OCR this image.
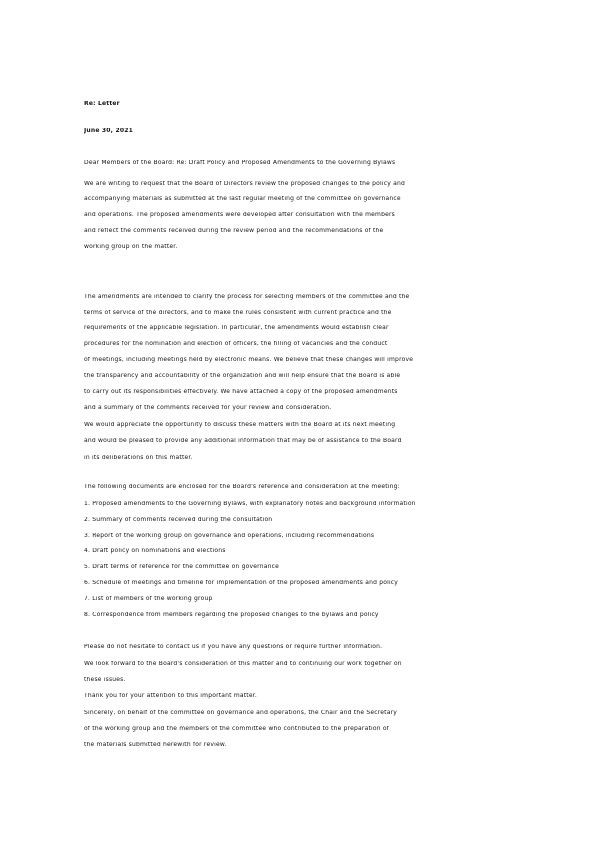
Re: Letter
June 30, 2021
Dear Members of the Board: Re: Draft Policy and Proposed Amendments to the Governing Bylaws
We are writing to request that the Board of Directors review the proposed changes to the policy and
accompanying materials as submitted at the last regular meeting of the committee on governance
and operations. The proposed amendments were developed after consultation with the members
and reflect the comments received during the review period and the recommendations of the
working group on the matter.
The amendments are intended to clarify the process for selecting members of the committee and the
terms of service of the directors, and to make the rules consistent with current practice and the
requirements of the applicable legislation. In particular, the amendments would establish clear
procedures for the nomination and election of officers, the filling of vacancies and the conduct
of meetings, including meetings held by electronic means. We believe that these changes will improve
the transparency and accountability of the organization and will help ensure that the Board is able
to carry out its responsibilities effectively. We have attached a copy of the proposed amendments
and a summary of the comments received for your review and consideration.
We would appreciate the opportunity to discuss these matters with the Board at its next meeting
and would be pleased to provide any additional information that may be of assistance to the Board
in its deliberations on this matter.
The following documents are enclosed for the Board's reference and consideration at the meeting:
1. Proposed amendments to the Governing Bylaws, with explanatory notes and background information
2. Summary of comments received during the consultation
3. Report of the working group on governance and operations, including recommendations
4. Draft policy on nominations and elections
5. Draft terms of reference for the committee on governance
6. Schedule of meetings and timeline for implementation of the proposed amendments and policy
7. List of members of the working group
8. Correspondence from members regarding the proposed changes to the bylaws and policy
Please do not hesitate to contact us if you have any questions or require further information.
We look forward to the Board's consideration of this matter and to continuing our work together on
these issues.
Thank you for your attention to this important matter.
Sincerely, on behalf of the committee on governance and operations, the Chair and the Secretary
of the working group and the members of the committee who contributed to the preparation of
the materials submitted herewith for review.
